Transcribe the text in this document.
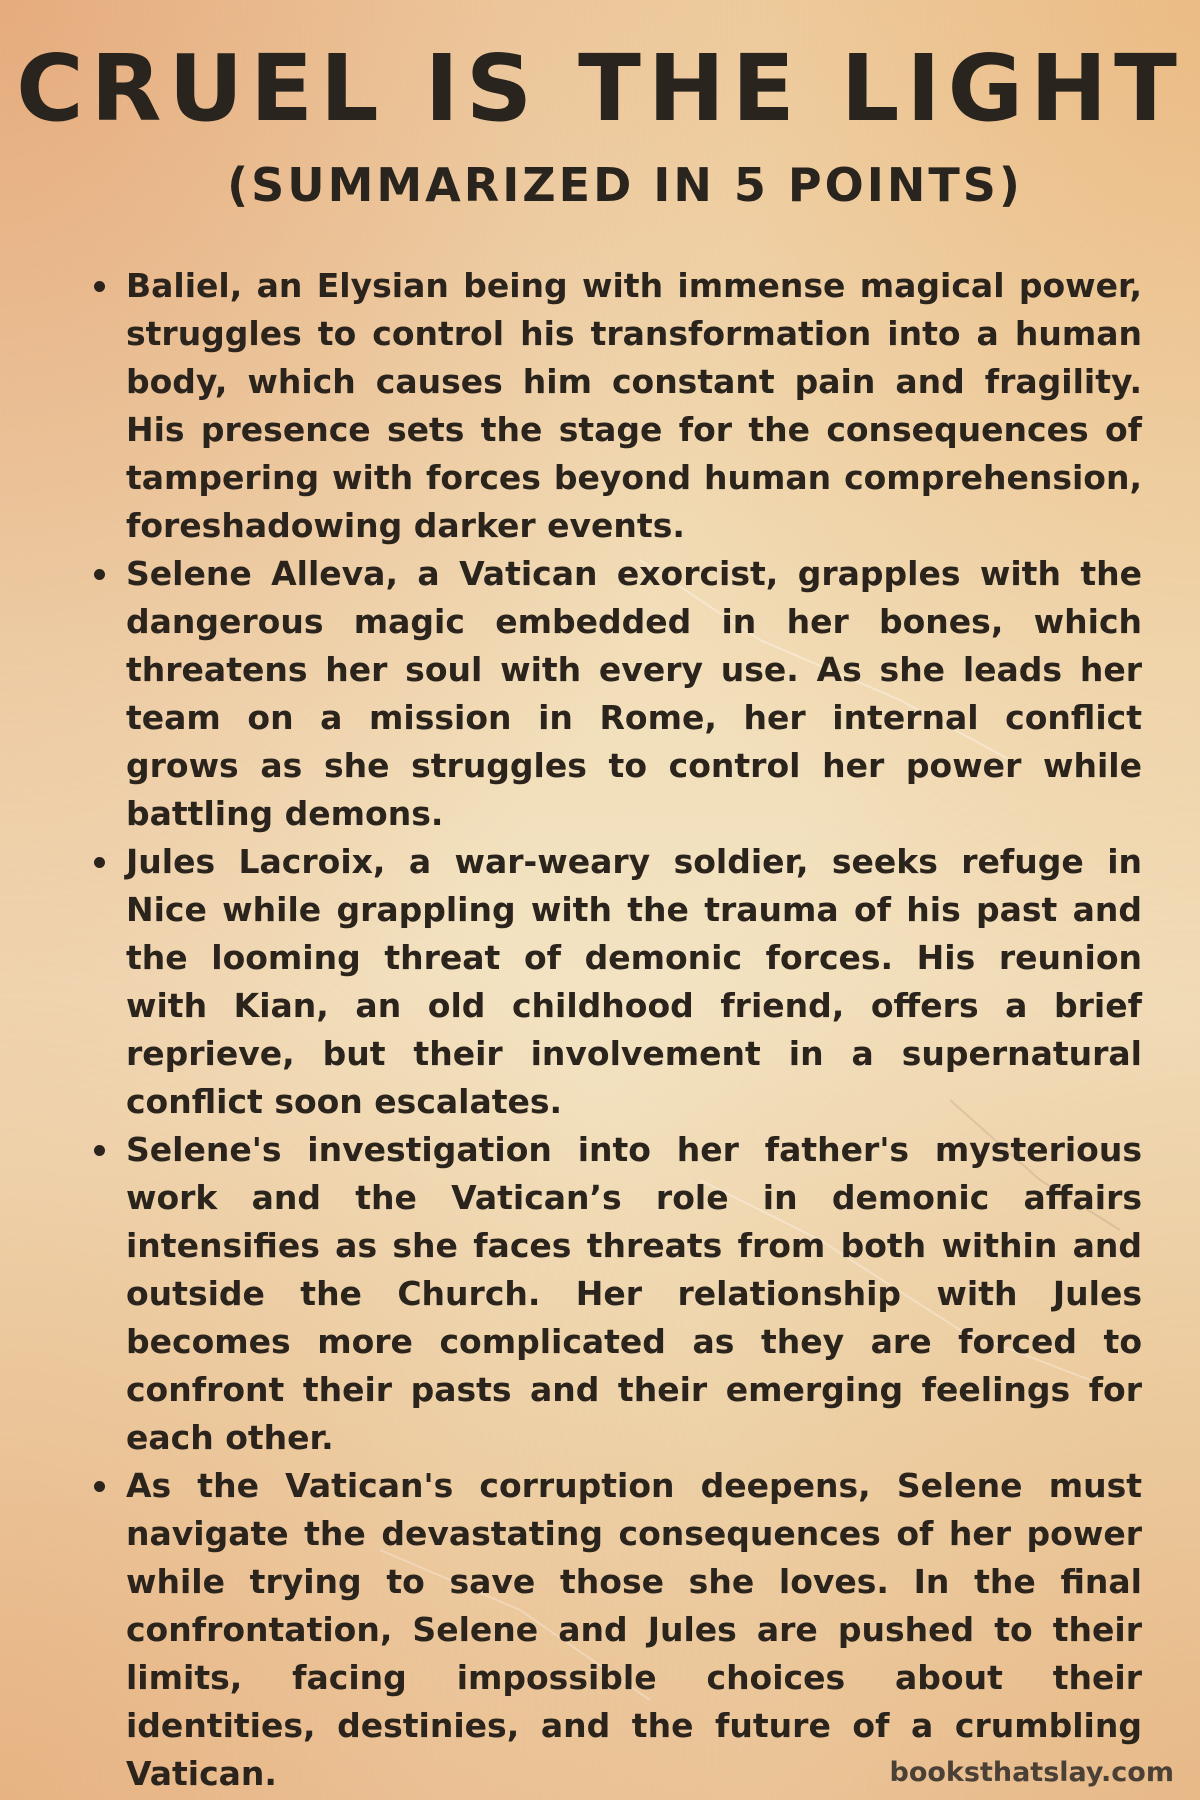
CRUEL IS THE LIGHT
(SUMMARIZED IN 5 POINTS)
Baliel, an Elysian being with immense magical power, struggles to control his transformation into a human body, which causes him constant pain and fragility. His presence sets the stage for the consequences of tampering with forces beyond human comprehension, foreshadowing darker events.
Selene Alleva, a Vatican exorcist, grapples with the dangerous magic embedded in her bones, which threatens her soul with every use. As she leads her team on a mission in Rome, her internal conflict grows as she struggles to control her power while battling demons.
Jules Lacroix, a war-weary soldier, seeks refuge in Nice while grappling with the trauma of his past and the looming threat of demonic forces. His reunion with Kian, an old childhood friend, offers a brief reprieve, but their involvement in a supernatural conflict soon escalates.
Selene's investigation into her father's mysterious work and the Vatican’s role in demonic affairs intensifies as she faces threats from both within and outside the Church. Her relationship with Jules becomes more complicated as they are forced to confront their pasts and their emerging feelings for each other.
As the Vatican's corruption deepens, Selene must navigate the devastating consequences of her power while trying to save those she loves. In the final confrontation, Selene and Jules are pushed to their limits, facing impossible choices about their identities, destinies, and the future of a crumbling Vatican.	booksthatslay.com
